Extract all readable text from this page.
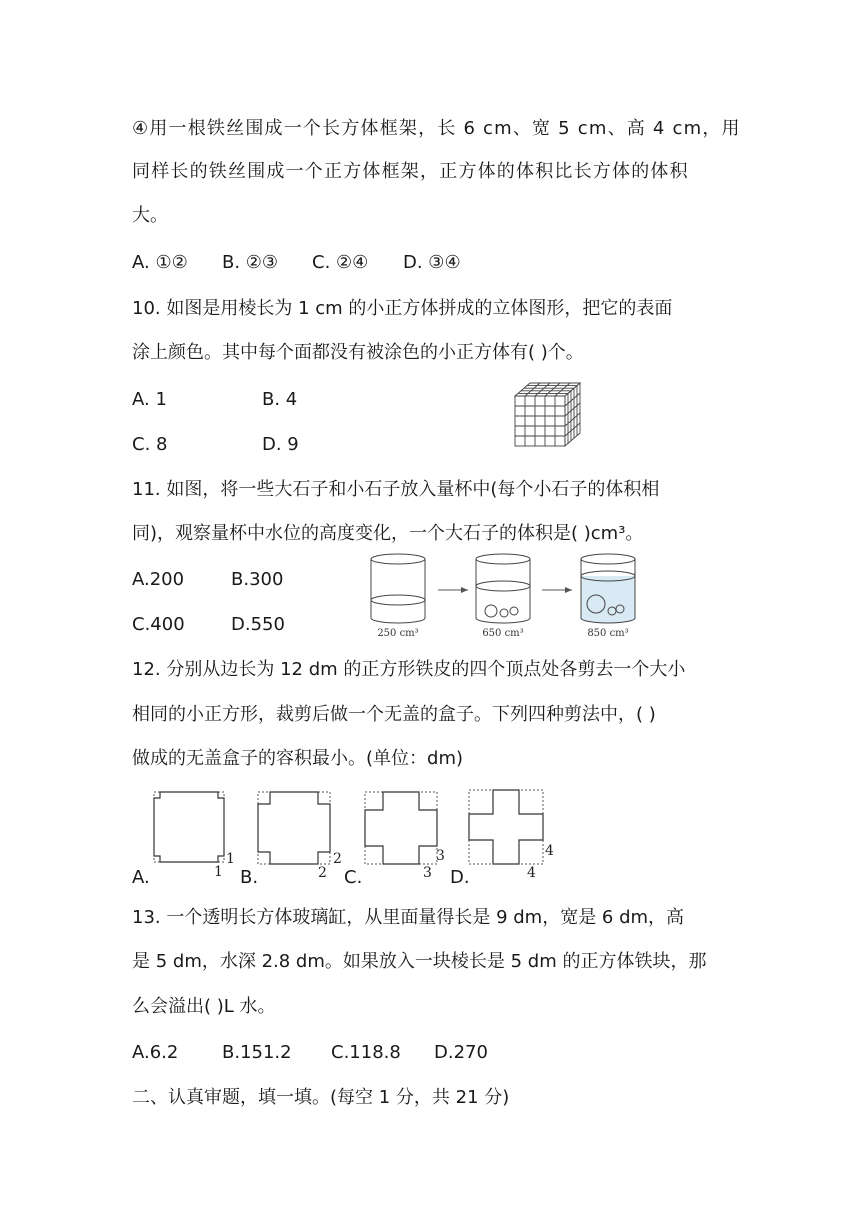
④用一根铁丝围成一个长方体框架，长 6 cm、宽 5 cm、高 4 cm，用
同样长的铁丝围成一个正方体框架，正方体的体积比长方体的体积
大。
A. ①② B. ②③ C. ②④ D. ③④
10. 如图是用棱长为 1 cm 的小正方体拼成的立体图形，把它的表面
涂上颜色。其中每个面都没有被涂色的小正方体有( )个。
A. 1	B. 4
C. 8	D. 9
11. 如图，将一些大石子和小石子放入量杯中(每个小石子的体积相
同)，观察量杯中水位的高度变化，一个大石子的体积是( )cm³。
A.200	B.300
C.400	D.550	250 cm³	650 cm³	850 cm³
12. 分别从边长为 12 dm 的正方形铁皮的四个顶点处各剪去一个大小
相同的小正方形，裁剪后做一个无盖的盒子。下列四种剪法中，( )
做成的无盖盒子的容积最小。(单位：dm)
A.	B.	C.	D.
1
1
2
2
3
3
4
4
13. 一个透明长方体玻璃缸，从里面量得长是 9 dm，宽是 6 dm，高
是 5 dm，水深 2.8 dm。如果放入一块棱长是 5 dm 的正方体铁块，那
么会溢出( )L 水。
A.6.2 B.151.2 C.118.8 D.270
二、认真审题，填一填。(每空 1 分，共 21 分)
